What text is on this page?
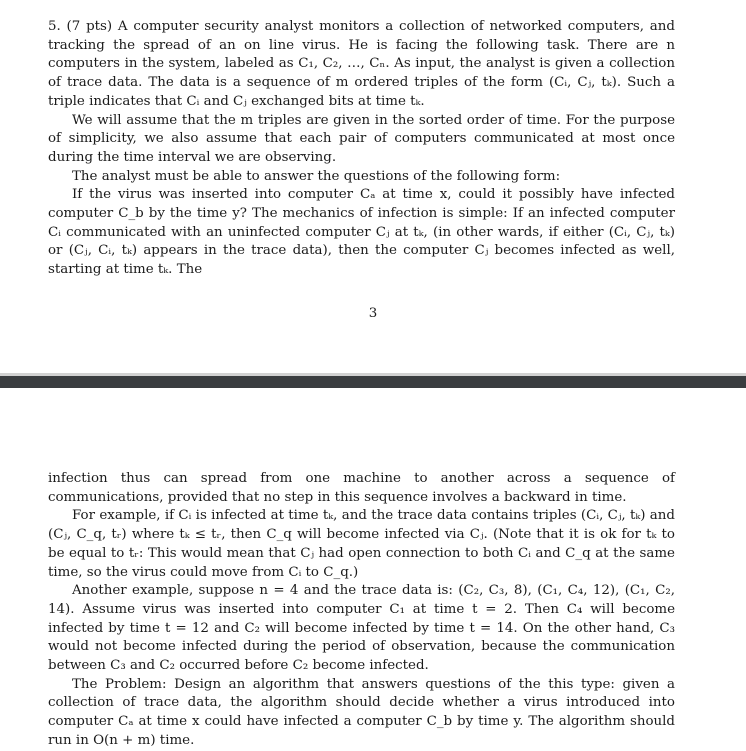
5. (7 pts) A computer security analyst monitors a collection of networked computers, and tracking the spread of an on line virus. He is facing the following task. There are n computers in the system, labeled as C₁, C₂, …, Cₙ. As input, the analyst is given a collection of trace data. The data is a sequence of m ordered triples of the form (Cᵢ, Cⱼ, tₖ). Such a triple indicates that Cᵢ and Cⱼ exchanged bits at time tₖ.

We will assume that the m triples are given in the sorted order of time. For the purpose of simplicity, we also assume that each pair of computers communicated at most once during the time interval we are observing.

The analyst must be able to answer the questions of the following form:

If the virus was inserted into computer Cₐ at time x, could it possibly have infected computer C_b by the time y? The mechanics of infection is simple: If an infected computer Cᵢ communicated with an uninfected computer Cⱼ at tₖ, (in other wards, if either (Cᵢ, Cⱼ, tₖ) or (Cⱼ, Cᵢ, tₖ) appears in the trace data), then the computer Cⱼ becomes infected as well, starting at time tₖ. The

3

infection thus can spread from one machine to another across a sequence of communications, provided that no step in this sequence involves a backward in time.

For example, if Cᵢ is infected at time tₖ, and the trace data contains triples (Cᵢ, Cⱼ, tₖ) and (Cⱼ, C_q, tᵣ) where tₖ ≤ tᵣ, then C_q will become infected via Cⱼ. (Note that it is ok for tₖ to be equal to tᵣ: This would mean that Cⱼ had open connection to both Cᵢ and C_q at the same time, so the virus could move from Cᵢ to C_q.)

Another example, suppose n = 4 and the trace data is: (C₂, C₃, 8), (C₁, C₄, 12), (C₁, C₂, 14). Assume virus was inserted into computer C₁ at time t = 2. Then C₄ will become infected by time t = 12 and C₂ will become infected by time t = 14. On the other hand, C₃ would not become infected during the period of observation, because the communication between C₃ and C₂ occurred before C₂ become infected.

The Problem: Design an algorithm that answers questions of the this type: given a collection of trace data, the algorithm should decide whether a virus introduced into computer Cₐ at time x could have infected a computer C_b by time y. The algorithm should run in O(n + m) time.
